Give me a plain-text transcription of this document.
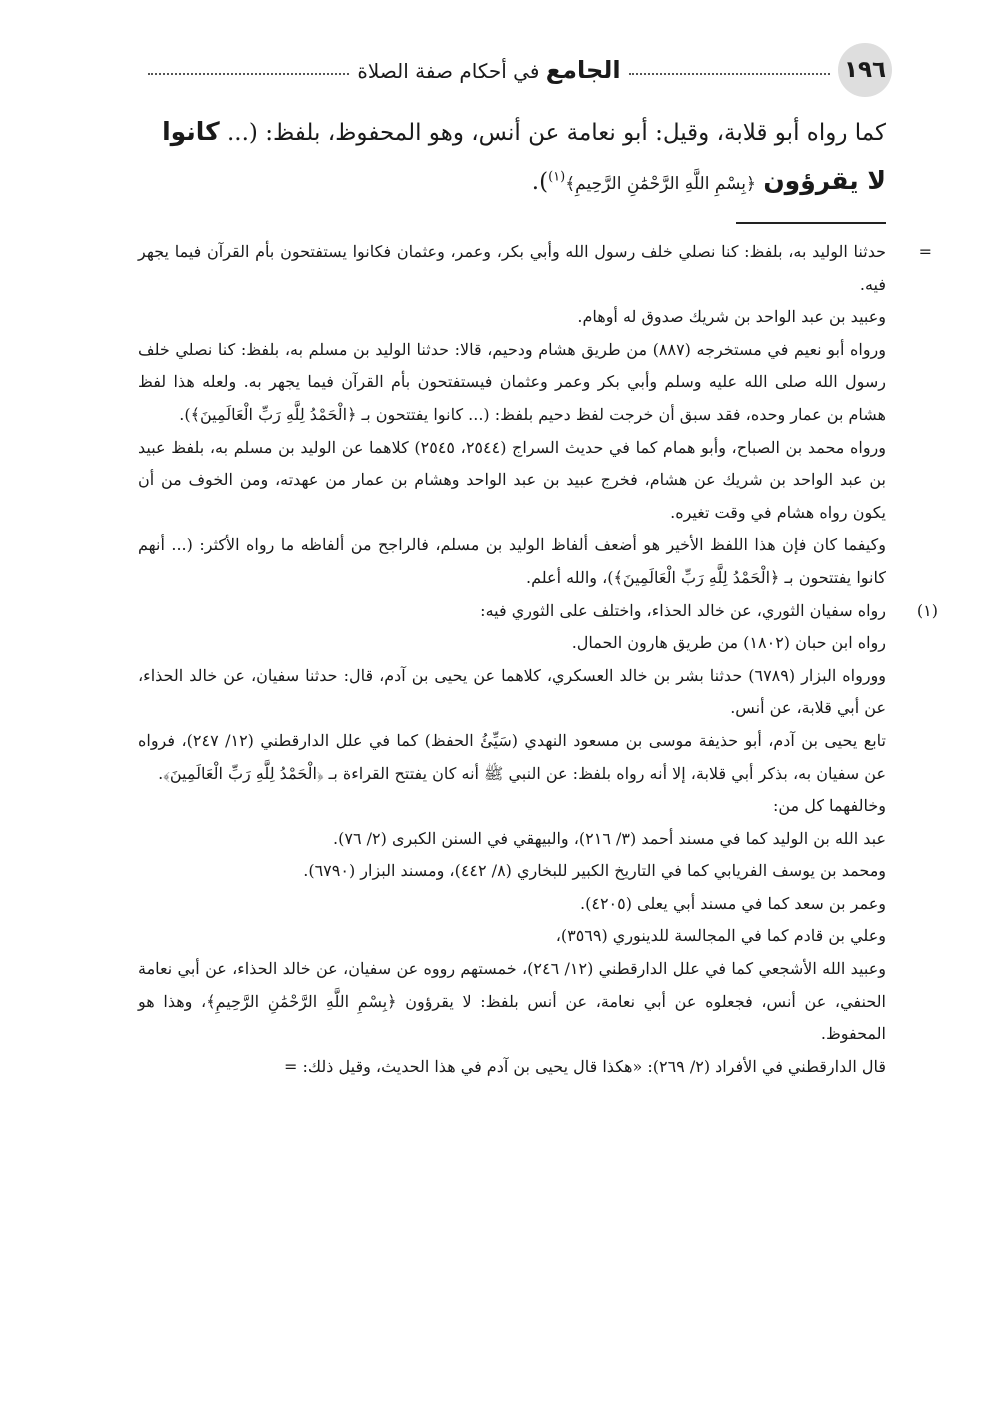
١٩٦
الجامع في أحكام صفة الصلاة

كما رواه أبو قلابة، وقيل: أبو نعامة عن أنس، وهو المحفوظ، بلفظ: (... كانوا
لا يقرؤون ﴿بِسْمِ اللَّهِ الرَّحْمَٰنِ الرَّحِيمِ﴾$^{(١)}$).

=
حدثنا الوليد به، بلفظ: كنا نصلي خلف رسول الله وأبي بكر، وعمر، وعثمان فكانوا يستفتحون بأم القرآن فيما يجهر فيه.

وعبيد بن عبد الواحد بن شريك صدوق له أوهام.

ورواه أبو نعيم في مستخرجه (٨٨٧) من طريق هشام ودحيم، قالا: حدثنا الوليد بن مسلم به، بلفظ: كنا نصلي خلف رسول الله صلى الله عليه وسلم وأبي بكر وعمر وعثمان فيستفتحون بأم القرآن فيما يجهر به. ولعله هذا لفظ هشام بن عمار وحده، فقد سبق أن خرجت لفظ دحيم بلفظ: (... كانوا يفتتحون بـ ﴿الْحَمْدُ لِلَّهِ رَبِّ الْعَالَمِينَ﴾).

ورواه محمد بن الصباح، وأبو همام كما في حديث السراج (٢٥٤٤، ٢٥٤٥) كلاهما عن الوليد بن مسلم به، بلفظ عبيد بن عبد الواحد بن شريك عن هشام، فخرج عبيد بن عبد الواحد وهشام بن عمار من عهدته، ومن الخوف من أن يكون رواه هشام في وقت تغيره.

وكيفما كان فإن هذا اللفظ الأخير هو أضعف ألفاظ الوليد بن مسلم، فالراجح من ألفاظه ما رواه الأكثر: (... أنهم كانوا يفتتحون بـ ﴿الْحَمْدُ لِلَّهِ رَبِّ الْعَالَمِينَ﴾)، والله أعلم.

(١)
رواه سفيان الثوري، عن خالد الحذاء، واختلف على الثوري فيه:

رواه ابن حبان (١٨٠٢) من طريق هارون الحمال.

وورواه البزار (٦٧٨٩) حدثنا بشر بن خالد العسكري، كلاهما عن يحيى بن آدم، قال: حدثنا سفيان، عن خالد الحذاء، عن أبي قلابة، عن أنس.

تابع يحيى بن آدم، أبو حذيفة موسى بن مسعود النهدي (سَيِّئُ الحفظ) كما في علل الدارقطني (١٢/ ٢٤٧)، فرواه عن سفيان به، بذكر أبي قلابة، إلا أنه رواه بلفظ: عن النبي ﷺ أنه كان يفتتح القراءة بـ ﴿الْحَمْدُ لِلَّهِ رَبِّ الْعَالَمِينَ﴾.

وخالفهما كل من:

عبد الله بن الوليد كما في مسند أحمد (٣/ ٢١٦)، والبيهقي في السنن الكبرى (٢/ ٧٦).

ومحمد بن يوسف الفريابي كما في التاريخ الكبير للبخاري (٨/ ٤٤٢)، ومسند البزار (٦٧٩٠).

وعمر بن سعد كما في مسند أبي يعلى (٤٢٠٥).

وعلي بن قادم كما في المجالسة للدينوري (٣٥٦٩)،

وعبيد الله الأشجعي كما في علل الدارقطني (١٢/ ٢٤٦)، خمستهم رووه عن سفيان، عن خالد الحذاء، عن أبي نعامة الحنفي، عن أنس، فجعلوه عن أبي نعامة، عن أنس بلفظ: لا يقرؤون ﴿بِسْمِ اللَّهِ الرَّحْمَٰنِ الرَّحِيمِ﴾، وهذا هو المحفوظ.

قال الدارقطني في الأفراد (٢/ ٢٦٩): «هكذا قال يحيى بن آدم في هذا الحديث، وقيل ذلك: =
